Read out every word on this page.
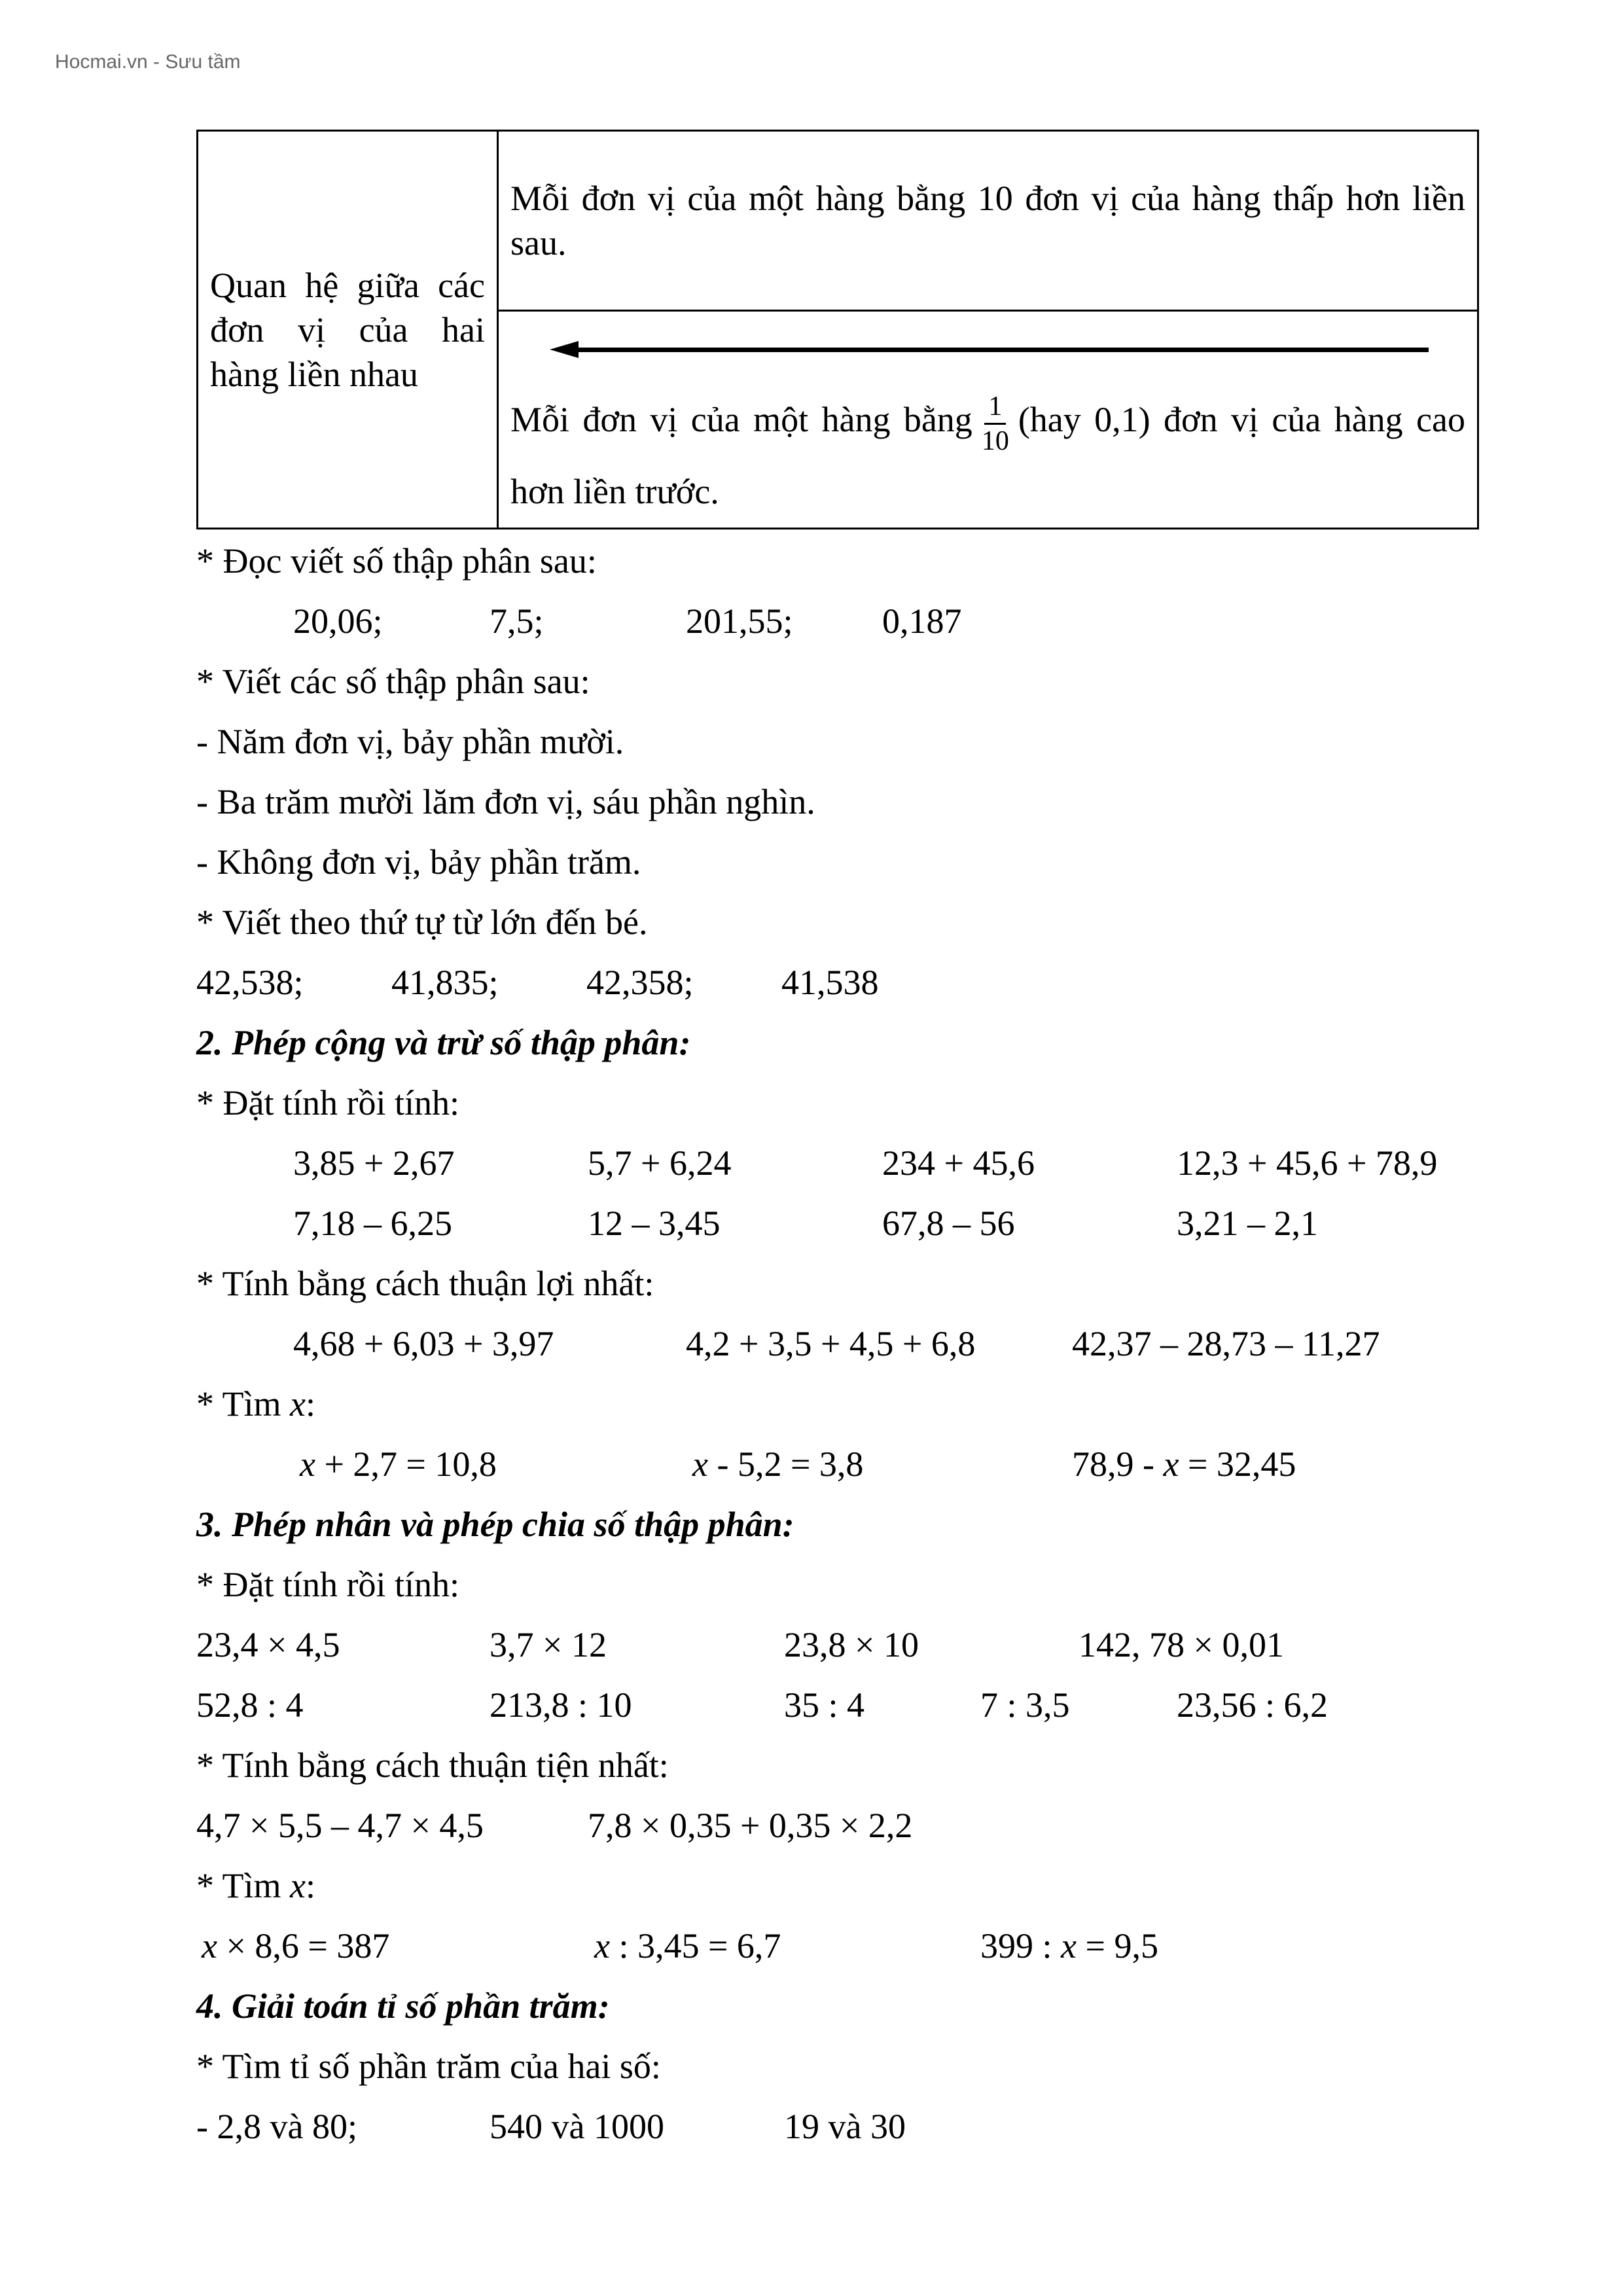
Hocmai.vn - Sưu tầm
Quan hệ giữa các đơn vị của hai hàng liền nhau	Mỗi đơn vị của một hàng bằng 10 đơn vị của hàng thấp hơn liền sau.

Mỗi đơn vị của một hàng bằng $\frac{1}{10} (hay$ 0,1) đơn vị của hàng cao hơn liền trước.
* Đọc viết số thập phân sau:
20,06;	7,5;	201,55;	0,187
* Viết các số thập phân sau:
- Năm đơn vị, bảy phần mười.
- Ba trăm mười lăm đơn vị, sáu phần nghìn.
- Không đơn vị, bảy phần trăm.
* Viết theo thứ tự từ lớn đến bé.
42,538; 41,835; 42,358; 41,538
2. Phép cộng và trừ số thập phân:
* Đặt tính rồi tính:
3,85 + 2,67	5,7 + 6,24	234 + 45,6	12,3 + 45,6 + 78,9
7,18 – 6,25	12 – 3,45	67,8 – 56	3,21 – 2,1
* Tính bằng cách thuận lợi nhất:
4,68 + 6,03 + 3,97	4,2 + 3,5 + 4,5 + 6,8	42,37 – 28,73 – 11,27
* Tìm x:
x + 2,7 = 10,8	x - 5,2 = 3,8	78,9 - x = 32,45
3. Phép nhân và phép chia số thập phân:
* Đặt tính rồi tính:
23,4 × 4,5	3,7 × 12	23,8 × 10	142, 78 × 0,01
52,8 : 4	213,8 : 10	35 : 4	7 : 3,5	23,56 : 6,2
* Tính bằng cách thuận tiện nhất:
4,7 × 5,5 – 4,7 × 4,5	7,8 × 0,35 + 0,35 × 2,2
* Tìm x:
x × 8,6 = 387	x : 3,45 = 6,7	399 : x = 9,5
4. Giải toán tỉ số phần trăm:
* Tìm tỉ số phần trăm của hai số:
- 2,8 và 80;	540 và 1000	19 và 30
